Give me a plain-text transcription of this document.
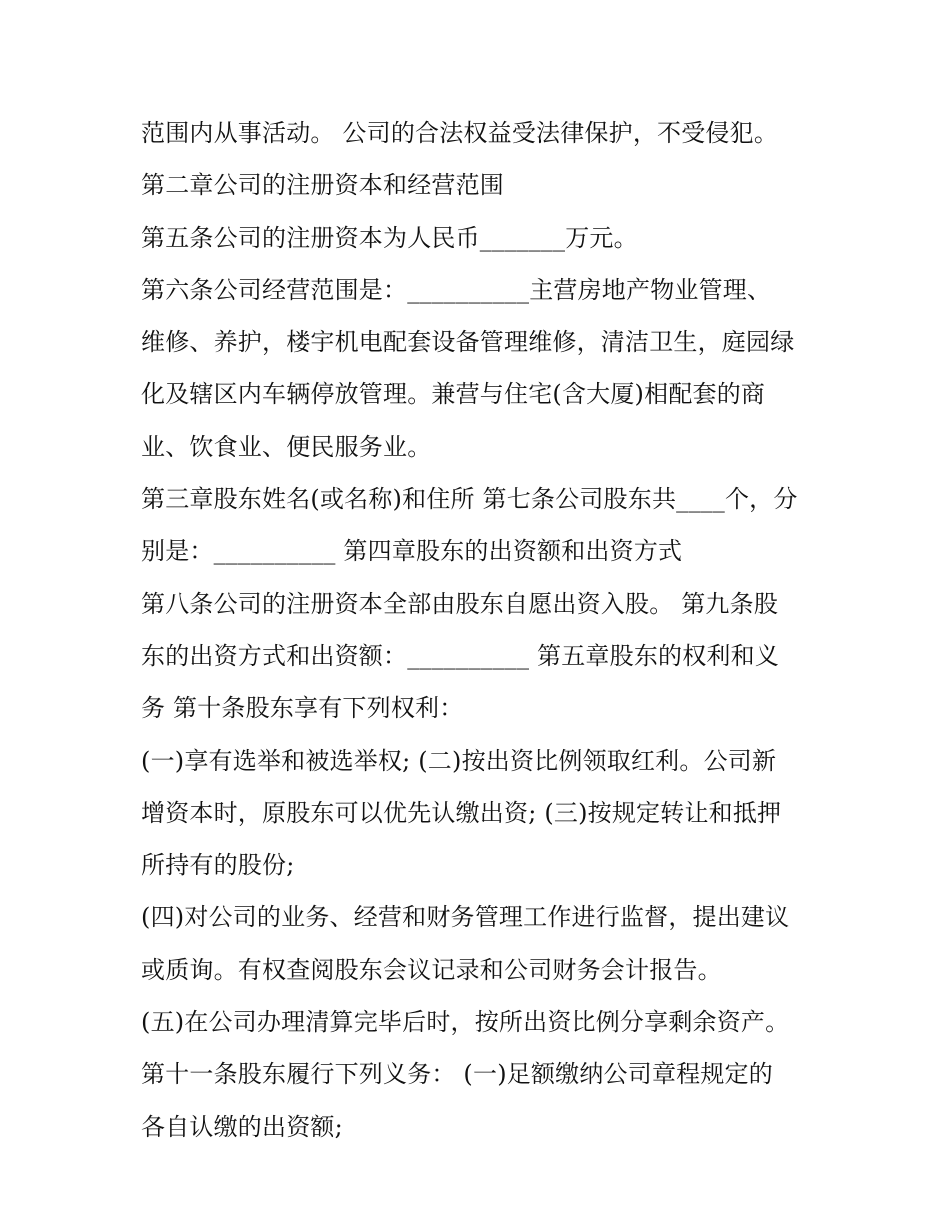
范围内从事活动。 公司的合法权益受法律保护，不受侵犯。
第二章公司的注册资本和经营范围
第五条公司的注册资本为人民币_______万元。
第六条公司经营范围是：__________主营房地产物业管理、
维修、养护，楼宇机电配套设备管理维修，清洁卫生，庭园绿
化及辖区内车辆停放管理。兼营与住宅(含大厦)相配套的商
业、饮食业、便民服务业。
第三章股东姓名(或名称)和住所 第七条公司股东共____个，分
别是：__________ 第四章股东的出资额和出资方式
第八条公司的注册资本全部由股东自愿出资入股。 第九条股
东的出资方式和出资额：__________ 第五章股东的权利和义
务 第十条股东享有下列权利：
(一)享有选举和被选举权; (二)按出资比例领取红利。公司新
增资本时，原股东可以优先认缴出资; (三)按规定转让和抵押
所持有的股份;
(四)对公司的业务、经营和财务管理工作进行监督，提出建议
或质询。有权查阅股东会议记录和公司财务会计报告。
(五)在公司办理清算完毕后时，按所出资比例分享剩余资产。
第十一条股东履行下列义务： (一)足额缴纳公司章程规定的
各自认缴的出资额;
